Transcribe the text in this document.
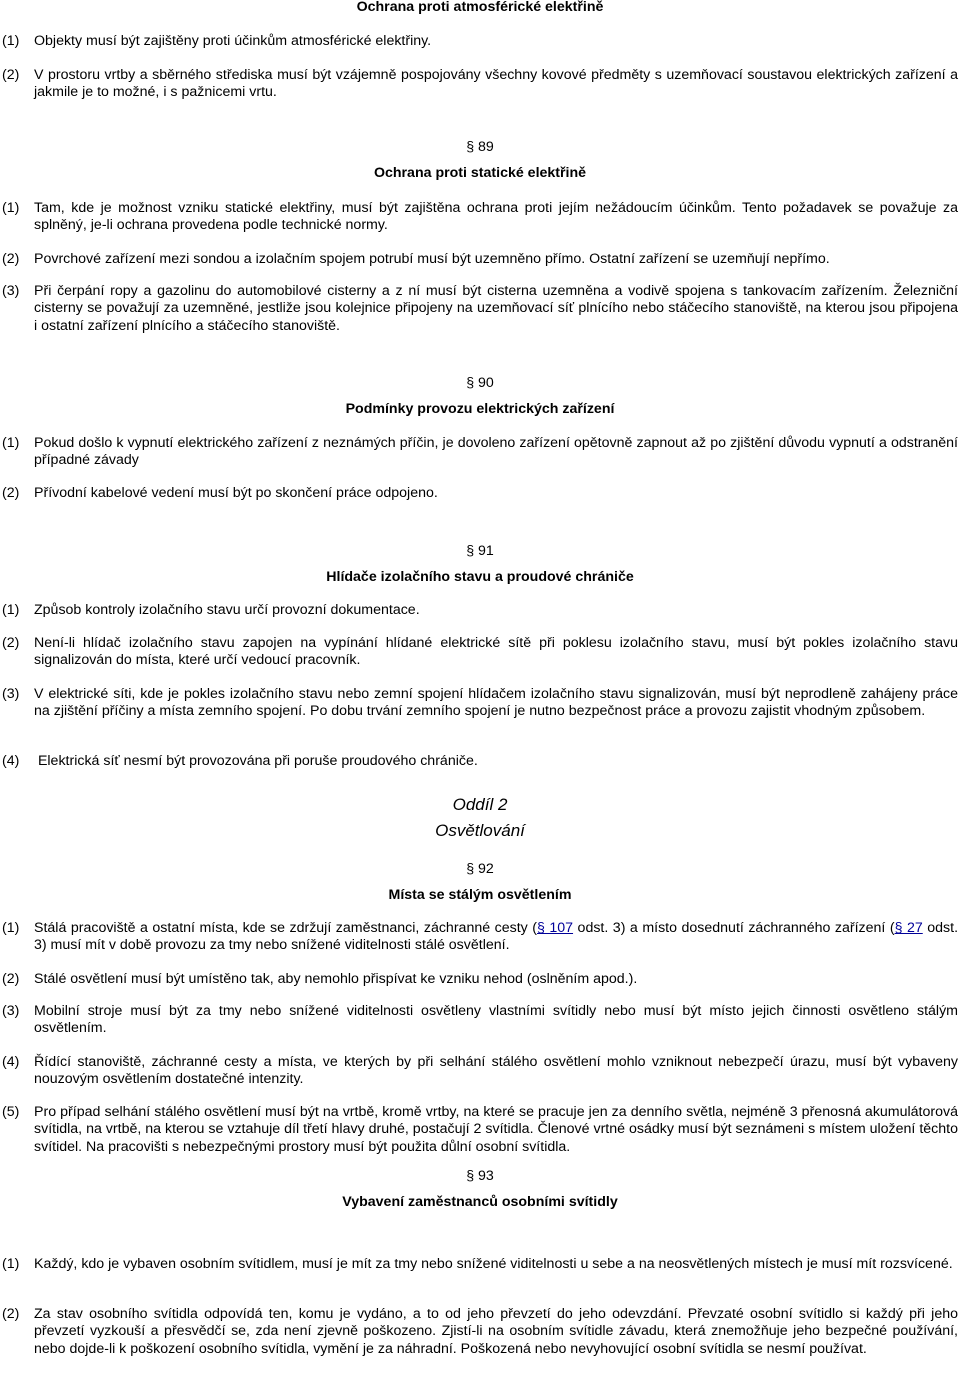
Ochrana proti atmosférické elektřině
(1) Objekty musí být zajištěny proti účinkům atmosférické elektřiny.
(2) V prostoru vrtby a sběrného střediska musí být vzájemně pospojovány všechny kovové předměty s uzemňovací soustavou elektrických zařízení a jakmile je to možné, i s pažnicemi vrtu.
§ 89
Ochrana proti statické elektřině
(1) Tam, kde je možnost vzniku statické elektřiny, musí být zajištěna ochrana proti jejím nežádoucím účinkům. Tento požadavek se považuje za splněný, je-li ochrana provedena podle technické normy.
(2) Povrchové zařízení mezi sondou a izolačním spojem potrubí musí být uzemněno přímo. Ostatní zařízení se uzemňují nepřímo.
(3) Při čerpání ropy a gazolinu do automobilové cisterny a z ní musí být cisterna uzemněna a vodivě spojena s tankovacím zařízením. Železniční cisterny se považují za uzemněné, jestliže jsou kolejnice připojeny na uzemňovací síť plnícího nebo stáčecího stanoviště, na kterou jsou připojena i ostatní zařízení plnícího a stáčecího stanoviště.
§ 90
Podmínky provozu elektrických zařízení
(1) Pokud došlo k vypnutí elektrického zařízení z neznámých příčin, je dovoleno zařízení opětovně zapnout až po zjištění důvodu vypnutí a odstranění případné závady
(2) Přívodní kabelové vedení musí být po skončení práce odpojeno.
§ 91
Hlídače izolačního stavu a proudové chrániče
(1) Způsob kontroly izolačního stavu určí provozní dokumentace.
(2) Není-li hlídač izolačního stavu zapojen na vypínání hlídané elektrické sítě při poklesu izolačního stavu, musí být pokles izolačního stavu signalizován do místa, které určí vedoucí pracovník.
(3) V elektrické síti, kde je pokles izolačního stavu nebo zemní spojení hlídačem izolačního stavu signalizován, musí být neprodleně zahájeny práce na zjištění příčiny a místa zemního spojení. Po dobu trvání zemního spojení je nutno bezpečnost práce a provozu zajistit vhodným způsobem.
(4) Elektrická síť nesmí být provozována při poruše proudového chrániče.
Oddíl 2
Osvětlování
§ 92
Místa se stálým osvětlením
(1) Stálá pracoviště a ostatní místa, kde se zdržují zaměstnanci, záchranné cesty (§ 107 odst. 3) a místo dosednutí záchranného zařízení (§ 27 odst. 3) musí mít v době provozu za tmy nebo snížené viditelnosti stálé osvětlení.
(2) Stálé osvětlení musí být umístěno tak, aby nemohlo přispívat ke vzniku nehod (oslněním apod.).
(3) Mobilní stroje musí být za tmy nebo snížené viditelnosti osvětleny vlastními svítidly nebo musí být místo jejich činnosti osvětleno stálým osvětlením.
(4) Řídící stanoviště, záchranné cesty a místa, ve kterých by při selhání stálého osvětlení mohlo vzniknout nebezpečí úrazu, musí být vybaveny nouzovým osvětlením dostatečné intenzity.
(5) Pro případ selhání stálého osvětlení musí být na vrtbě, kromě vrtby, na které se pracuje jen za denního světla, nejméně 3 přenosná akumulátorová svítidla, na vrtbě, na kterou se vztahuje díl třetí hlavy druhé, postačují 2 svítidla. Členové vrtné osádky musí být seznámeni s místem uložení těchto svítidel. Na pracovišti s nebezpečnými prostory musí být použita důlní osobní svítidla.
§ 93
Vybavení zaměstnanců osobními svítidly
(1) Každý, kdo je vybaven osobním svítidlem, musí je mít za tmy nebo snížené viditelnosti u sebe a na neosvětlených místech je musí mít rozsvícené.
(2) Za stav osobního svítidla odpovídá ten, komu je vydáno, a to od jeho převzetí do jeho odevzdání. Převzaté osobní svítidlo si každý při jeho převzetí vyzkouší a přesvědčí se, zda není zjevně poškozeno. Zjistí-li na osobním svítidle závadu, která znemožňuje jeho bezpečné používání, nebo dojde-li k poškození osobního svítidla, vymění je za náhradní. Poškozená nebo nevyhovující osobní svítidla se nesmí používat.
